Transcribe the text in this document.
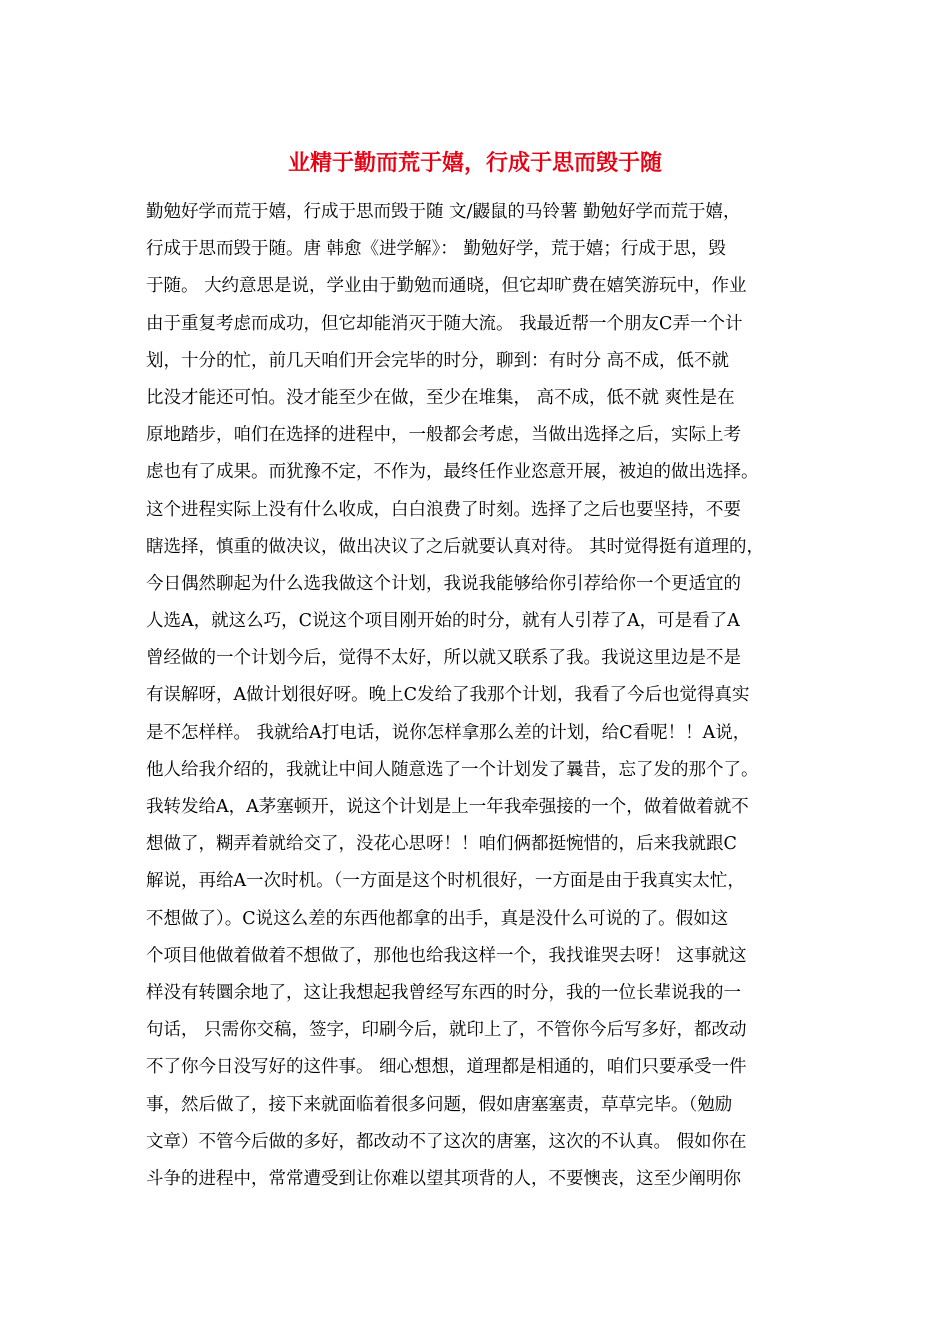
业精于勤而荒于嬉，行成于思而毁于随
勤勉好学而荒于嬉，行成于思而毁于随 文/鼹鼠的马铃薯 勤勉好学而荒于嬉，
行成于思而毁于随。唐 韩愈《进学解》： 勤勉好学，荒于嬉；行成于思，毁
于随。 大约意思是说，学业由于勤勉而通晓，但它却旷费在嬉笑游玩中，作业
由于重复考虑而成功，但它却能消灭于随大流。 我最近帮一个朋友C弄一个计
划，十分的忙，前几天咱们开会完毕的时分，聊到：有时分 高不成，低不就
比没才能还可怕。没才能至少在做，至少在堆集， 高不成，低不就 爽性是在
原地踏步，咱们在选择的进程中，一般都会考虑，当做出选择之后，实际上考
虑也有了成果。而犹豫不定，不作为，最终任作业恣意开展，被迫的做出选择。
这个进程实际上没有什么收成，白白浪费了时刻。选择了之后也要坚持，不要
瞎选择，慎重的做决议，做出决议了之后就要认真对待。 其时觉得挺有道理的，
今日偶然聊起为什么选我做这个计划，我说我能够给你引荐给你一个更适宜的
人选A，就这么巧，C说这个项目刚开始的时分，就有人引荐了A，可是看了A
曾经做的一个计划今后，觉得不太好，所以就又联系了我。我说这里边是不是
有误解呀，A做计划很好呀。晚上C发给了我那个计划，我看了今后也觉得真实
是不怎样样。 我就给A打电话，说你怎样拿那么差的计划，给C看呢！！A说，
他人给我介绍的，我就让中间人随意选了一个计划发了曩昔，忘了发的那个了。
我转发给A，A茅塞顿开，说这个计划是上一年我牵强接的一个，做着做着就不
想做了，糊弄着就给交了，没花心思呀！！咱们俩都挺惋惜的，后来我就跟C
解说，再给A一次时机。（一方面是这个时机很好，一方面是由于我真实太忙，
不想做了）。C说这么差的东西他都拿的出手，真是没什么可说的了。假如这
个项目他做着做着不想做了，那他也给我这样一个，我找谁哭去呀！ 这事就这
样没有转圜余地了，这让我想起我曾经写东西的时分，我的一位长辈说我的一
句话， 只需你交稿，签字，印刷今后，就印上了，不管你今后写多好，都改动
不了你今日没写好的这件事。 细心想想，道理都是相通的，咱们只要承受一件
事，然后做了，接下来就面临着很多问题，假如唐塞塞责，草草完毕。（勉励
文章）不管今后做的多好，都改动不了这次的唐塞，这次的不认真。 假如你在
斗争的进程中，常常遭受到让你难以望其项背的人，不要懊丧，这至少阐明你
